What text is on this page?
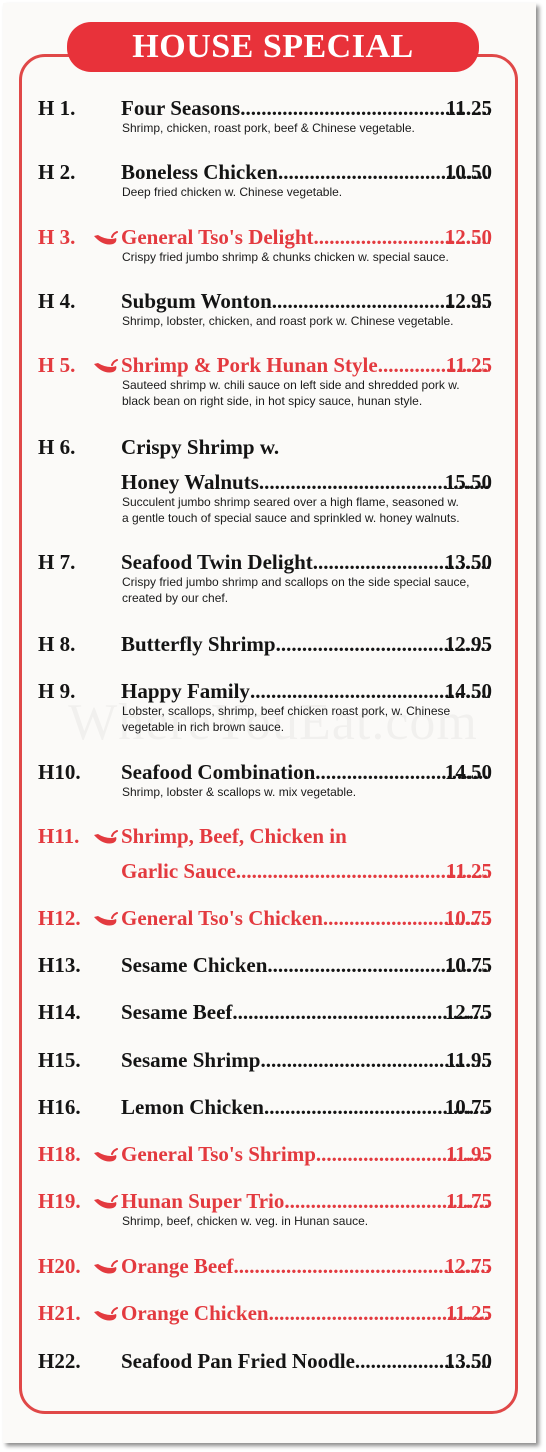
HOUSE SPECIAL
H 1. Four Seasons .....	11.25
Shrimp, chicken, roast pork, beef & Chinese vegetable.
H 2. Boneless Chicken .....	10.50
Deep fried chicken w. Chinese vegetable.
H 3. General Tso's Delight .....	12.50
Crispy fried jumbo shrimp & chunks chicken w. special sauce.
H 4. Subgum Wonton .....	12.95
Shrimp, lobster, chicken, and roast pork w. Chinese vegetable.
H 5. Shrimp & Pork Hunan Style .....	11.25
Sauteed shrimp w. chili sauce on left side and shredded pork w.
black bean on right side, in hot spicy sauce, hunan style.
H 6. Crispy Shrimp w.
Honey Walnuts .....	15.50
Succulent jumbo shrimp seared over a high flame, seasoned w.
a gentle touch of special sauce and sprinkled w. honey walnuts.
H 7. Seafood Twin Delight .....	13.50
Crispy fried jumbo shrimp and scallops on the side special sauce,
created by our chef.
H 8. Butterfly Shrimp .....	12.95
H 9. Happy Family .....	14.50
Lobster, scallops, shrimp, beef chicken roast pork, w. Chinese
vegetable in rich brown sauce.
H10. Seafood Combination .....	14.50
Shrimp, lobster & scallops w. mix vegetable.
H11. Shrimp, Beef, Chicken in
Garlic Sauce .....	11.25
H12. General Tso's Chicken .....	10.75
H13. Sesame Chicken .....	10.75
H14. Sesame Beef .....	12.75
H15. Sesame Shrimp .....	11.95
H16. Lemon Chicken .....	10.75
H18. General Tso's Shrimp .....	11.95
H19. Hunan Super Trio .....	11.75
Shrimp, beef, chicken w. veg. in Hunan sauce.
H20. Orange Beef .....	12.75
H21. Orange Chicken .....	11.25
H22. Seafood Pan Fried Noodle .....	13.50
